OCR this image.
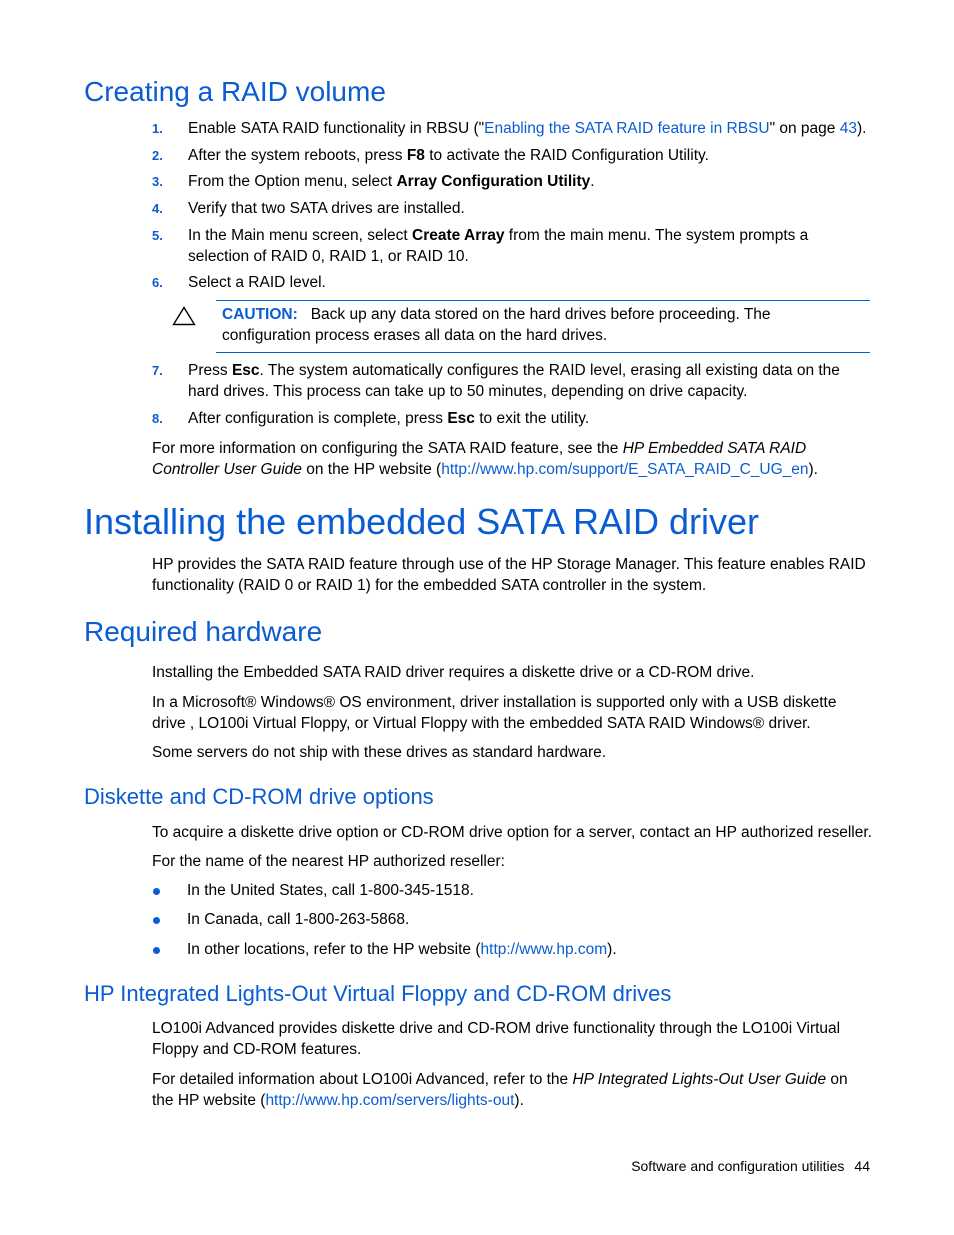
Creating a RAID volume
1. Enable SATA RAID functionality in RBSU ("Enabling the SATA RAID feature in RBSU" on page 43).
2. After the system reboots, press F8 to activate the RAID Configuration Utility.
3. From the Option menu, select Array Configuration Utility.
4. Verify that two SATA drives are installed.
5. In the Main menu screen, select Create Array from the main menu. The system prompts a selection of RAID 0, RAID 1, or RAID 10.
6. Select a RAID level.
CAUTION: Back up any data stored on the hard drives before proceeding. The configuration process erases all data on the hard drives.
7. Press Esc. The system automatically configures the RAID level, erasing all existing data on the hard drives. This process can take up to 50 minutes, depending on drive capacity.
8. After configuration is complete, press Esc to exit the utility.
For more information on configuring the SATA RAID feature, see the HP Embedded SATA RAID Controller User Guide on the HP website (http://www.hp.com/support/E_SATA_RAID_C_UG_en).
Installing the embedded SATA RAID driver
HP provides the SATA RAID feature through use of the HP Storage Manager. This feature enables RAID functionality (RAID 0 or RAID 1) for the embedded SATA controller in the system.
Required hardware
Installing the Embedded SATA RAID driver requires a diskette drive or a CD-ROM drive.
In a Microsoft® Windows® OS environment, driver installation is supported only with a USB diskette drive , LO100i Virtual Floppy, or Virtual Floppy with the embedded SATA RAID Windows® driver.
Some servers do not ship with these drives as standard hardware.
Diskette and CD-ROM drive options
To acquire a diskette drive option or CD-ROM drive option for a server, contact an HP authorized reseller.
For the name of the nearest HP authorized reseller:
In the United States, call 1-800-345-1518.
In Canada, call 1-800-263-5868.
In other locations, refer to the HP website (http://www.hp.com).
HP Integrated Lights-Out Virtual Floppy and CD-ROM drives
LO100i Advanced provides diskette drive and CD-ROM drive functionality through the LO100i Virtual Floppy and CD-ROM features.
For detailed information about LO100i Advanced, refer to the HP Integrated Lights-Out User Guide on the HP website (http://www.hp.com/servers/lights-out).
Software and configuration utilities 44
